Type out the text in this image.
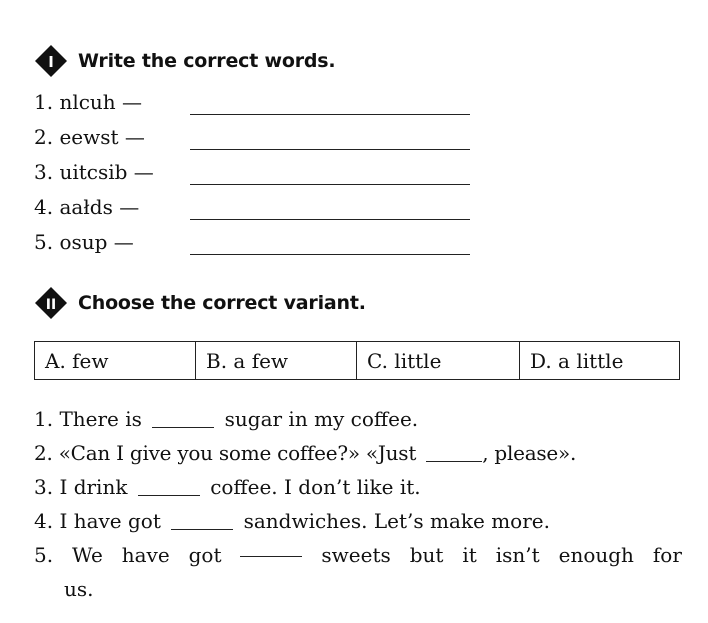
I Write the correct words.
1. nlcuh —
2. eewst —
3. uitcsib —
4. aałds —
5. osup —
II Choose the correct variant.
A. few	B. a few	C. little	D. a little
1. There is	sugar in my coffee.
2. «Can I give you some coffee?» «Just	, please».
3. I drink	coffee. I don’t like it.
4. I have got	sandwiches. Let’s make more.
5. We have got	sweets but it isn’t enough for
us.
